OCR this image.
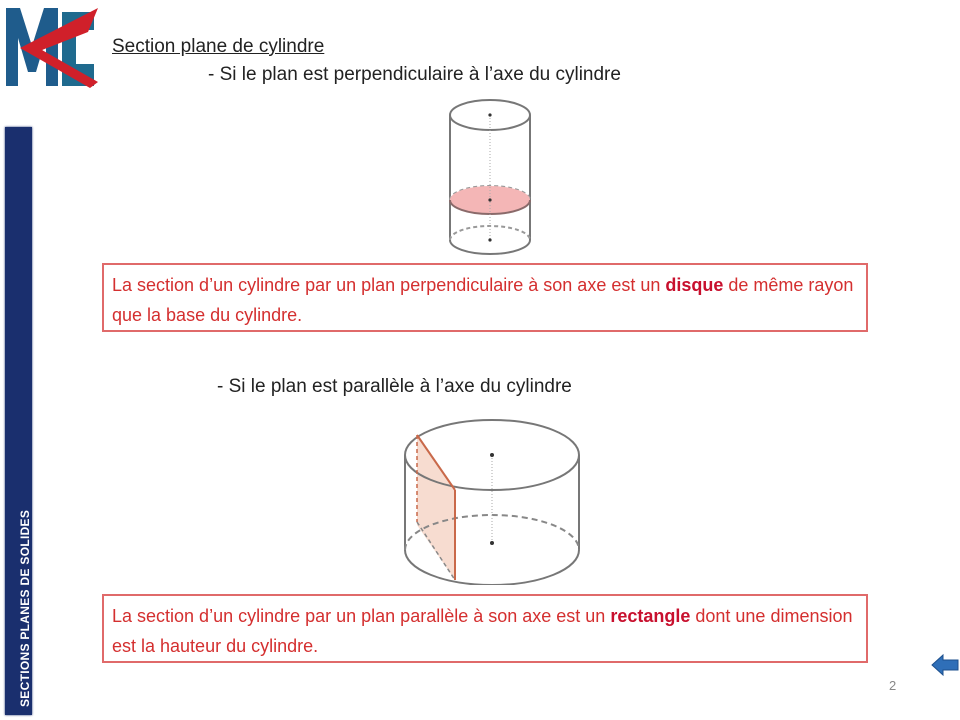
SECTIONS PLANES DE SOLIDES
Section plane de cylindre
- Si le plan est perpendiculaire à l’axe du cylindre
La section d’un cylindre par un plan perpendiculaire à son axe est un disque de même rayon que la base du cylindre.
- Si le plan est parallèle à l’axe du cylindre
La section d’un cylindre par un plan parallèle à son axe est un rectangle dont une dimension est la hauteur du cylindre.
2
